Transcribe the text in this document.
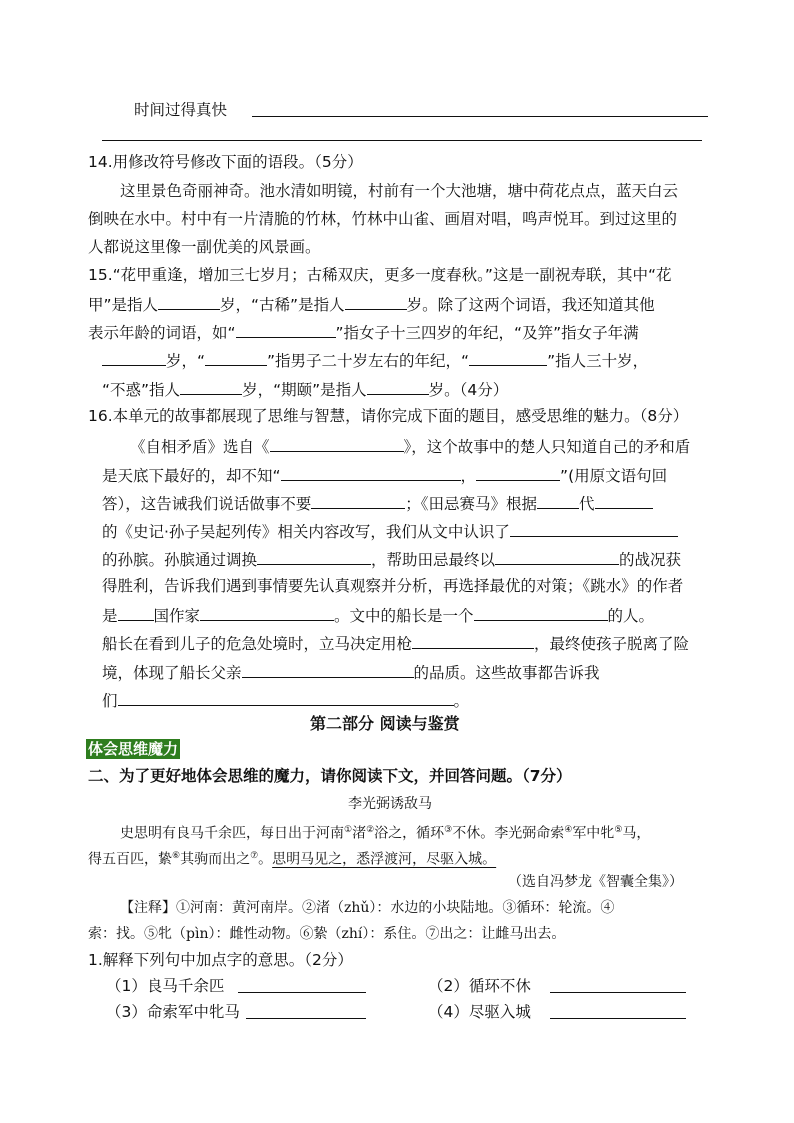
时间过得真快
14.用修改符号修改下面的语段。（5分）
这里景色奇丽神奇。池水清如明镜，村前有一个大池塘，塘中荷花点点，蓝天白云
倒映在水中。村中有一片清脆的竹林，竹林中山雀、画眉对唱，鸣声悦耳。到过这里的
人都说这里像一副优美的风景画。
15.“花甲重逢，增加三七岁月；古稀双庆，更多一度春秋。”这是一副祝寿联，其中“花
甲”是指人	岁，“古稀”是指人	岁。除了这两个词语，我还知道其他
表示年龄的词语，如“	”指女子十三四岁的年纪，“及笄”指女子年满
岁，“	”指男子二十岁左右的年纪，“	”指人三十岁，
“不惑”指人	岁，“期颐”是指人	岁。（4分）
16.本单元的故事都展现了思维与智慧，请你完成下面的题目，感受思维的魅力。（8分）
《自相矛盾》选自《	》，这个故事中的楚人只知道自己的矛和盾
是天底下最好的，却不知“	，	”(用原文语句回
答），这告诫我们说话做事不要	；《田忌赛马》根据	代
的《史记·孙子吴起列传》相关内容改写，我们从文中认识了
的孙膑。孙膑通过调换	，帮助田忌最终以	的战况获
得胜利，告诉我们遇到事情要先认真观察并分析，再选择最优的对策；《跳水》的作者
是 国作家	。文中的船长是一个	的人。
船长在看到儿子的危急处境时，立马决定用枪	，最终使孩子脱离了险
境，体现了船长父亲	的品质。这些故事都告诉我
们	。
第二部分 阅读与鉴赏
体会思维魔力
二、为了更好地体会思维的魔力，请你阅读下文，并回答问题。（7分）
李光弼诱敌马
史思明有良马千余匹，每日出于河南①渚②浴之，循环③不休。李光弼命索④军中牝⑤马，
得五百匹，絷⑥其驹而出之⑦。思明马见之，悉浮渡河，尽驱入城。
（选自冯梦龙《智囊全集》）
【注释】①河南：黄河南岸。②渚（zhǔ）：水边的小块陆地。③循环：轮流。④
索：找。⑤牝（pìn）：雌性动物。⑥絷（zhí）：系住。⑦出之：让雌马出去。
1.解释下列句中加点字的意思。（2分）
（1）良马千余匹	（2）循环不休
（3）命索军中牝马	（4）尽驱入城
